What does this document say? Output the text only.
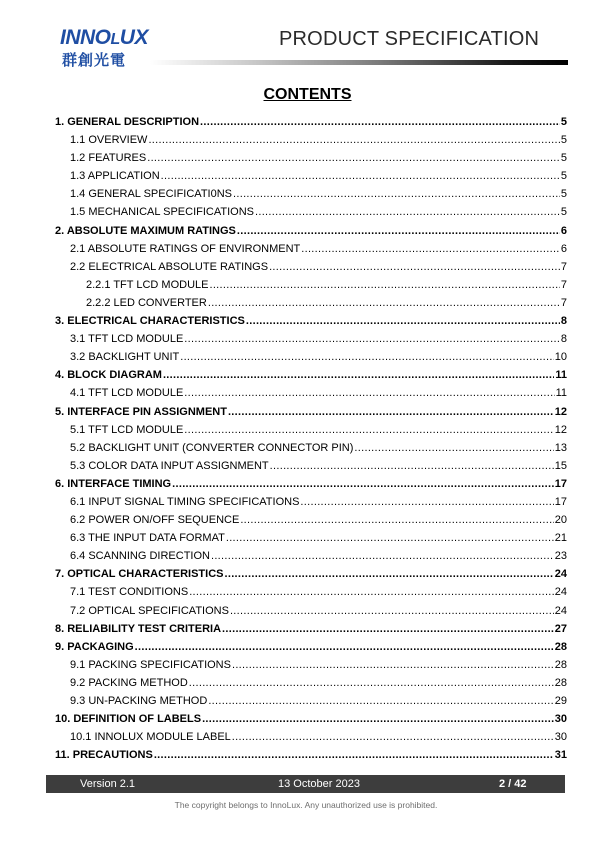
INNOLUX
群創光電
PRODUCT SPECIFICATION
CONTENTS
1. GENERAL DESCRIPTION .....	5
1.1 OVERVIEW .....	5
1.2 FEATURES .....	5
1.3 APPLICATION .....	5
1.4 GENERAL SPECIFICATI0NS .....	5
1.5 MECHANICAL SPECIFICATIONS .....	5
2. ABSOLUTE MAXIMUM RATINGS .....	6
2.1 ABSOLUTE RATINGS OF ENVIRONMENT .....	6
2.2 ELECTRICAL ABSOLUTE RATINGS .....	7
2.2.1 TFT LCD MODULE .....	7
2.2.2 LED CONVERTER .....	7
3. ELECTRICAL CHARACTERISTICS .....	8
3.1 TFT LCD MODULE .....	8
3.2 BACKLIGHT UNIT .....	10
4. BLOCK DIAGRAM .....	11
4.1 TFT LCD MODULE .....	11
5. INTERFACE PIN ASSIGNMENT .....	12
5.1 TFT LCD MODULE .....	12
5.2 BACKLIGHT UNIT (CONVERTER CONNECTOR PIN) .....	13
5.3 COLOR DATA INPUT ASSIGNMENT .....	15
6. INTERFACE TIMING .....	17
6.1 INPUT SIGNAL TIMING SPECIFICATIONS .....	17
6.2 POWER ON/OFF SEQUENCE .....	20
6.3 THE INPUT DATA FORMAT .....	21
6.4 SCANNING DIRECTION .....	23
7. OPTICAL CHARACTERISTICS .....	24
7.1 TEST CONDITIONS .....	24
7.2 OPTICAL SPECIFICATIONS .....	24
8. RELIABILITY TEST CRITERIA .....	27
9. PACKAGING .....	28
9.1 PACKING SPECIFICATIONS .....	28
9.2 PACKING METHOD .....	28
9.3 UN-PACKING METHOD .....	29
10. DEFINITION OF LABELS .....	30
10.1 INNOLUX MODULE LABEL .....	30
11. PRECAUTIONS .....	31
Version 2.1	13 October 2023	2 / 42
The copyright belongs to InnoLux. Any unauthorized use is prohibited.
